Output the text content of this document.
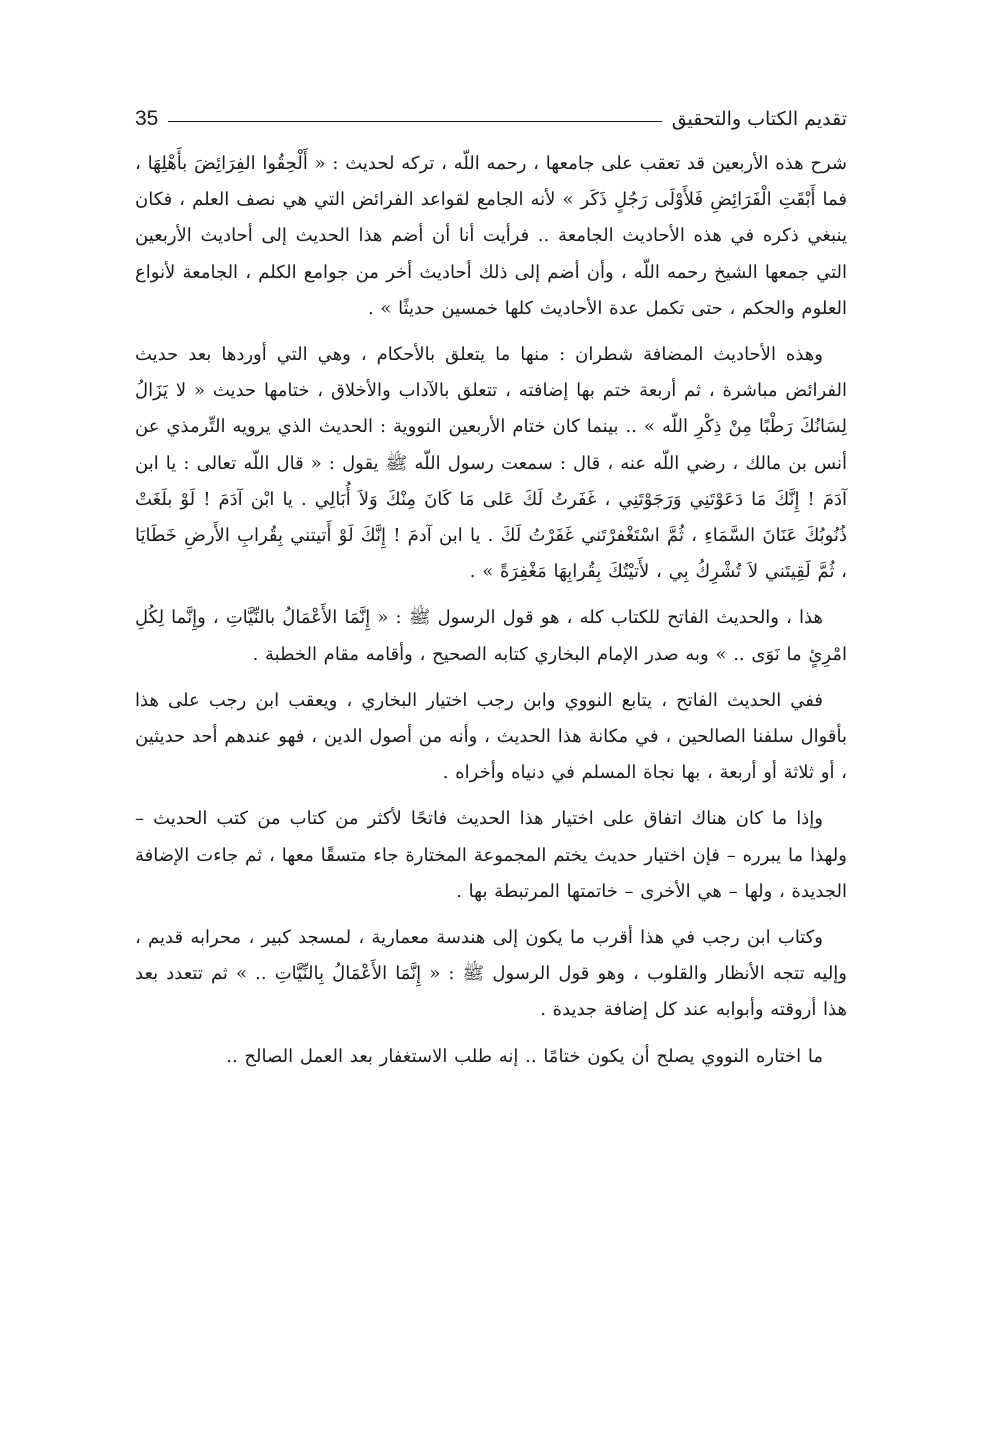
تقديم الكتاب والتحقيق
35

شرح هذه الأربعين قد تعقب على جامعها ، رحمه اللّه ، تركه لحديث : « أَلْحِقُوا الفِرَائِضَ بأَهْلِهَا ، فما أَبْقَتِ الْفَرَائِضِ فَلأَوْلَى رَجُلٍ ذَكَر » لأنه الجامع لقواعد الفرائض التي هي نصف العلم ، فكان ينبغي ذكره في هذه الأحاديث الجامعة .. فرأيت أنا أن أضم هذا الحديث إلى أحاديث الأربعين التي جمعها الشيخ رحمه اللّه ، وأن أضم إلى ذلك أحاديث أخر من جوامع الكلم ، الجامعة لأنواع العلوم والحكم ، حتى تكمل عدة الأحاديث كلها خمسين حديثًا » .

وهذه الأحاديث المضافة شطران : منها ما يتعلق بالأحكام ، وهي التي أوردها بعد حديث الفرائض مباشرة ، ثم أربعة ختم بها إضافته ، تتعلق بالآداب والأخلاق ، ختامها حديث « لا يَزَالُ لِسَانُكَ رَطْبًا مِنْ ذِكْرِ اللّه » .. بينما كان ختام الأربعين النووية : الحديث الذي يرويه التِّرمذي عن أنس بن مالك ، رضي اللّه عنه ، قال : سمعت رسول اللّه ﷺ يقول : « قال اللّه تعالى : يا ابن آدَمَ ! إِنَّكَ مَا دَعَوْتَنِي وَرَجَوْتَنِي ، غَفَرتُ لَكَ عَلى مَا كَانَ مِنْكَ وَلاَ أُبَالِي . يا ابْن آدَمَ ! لَوْ بلَغَتْ ذُنُوبُكَ عَنَانَ السَّمَاءِ ، ثُمَّ اسْتَغْفرْتَني غَفَرْتُ لَكَ . يا ابن آدمَ ! إِنَّكَ لَوْ أَتيتني بِقُرابِ الأَرضِ خَطَايَا ، ثُمَّ لَقِيتَني لاَ تُشْرِكُ بِي ، لأَتيْتُكَ بِقُرابِهَا مَغْفِرَةً » .

هذا ، والحديث الفاتح للكتاب كله ، هو قول الرسول ﷺ : « إِنَّمَا الأَعْمَالُ بالنِّيَّاتِ ، وإِنَّما لِكُلِ امْرِئٍ ما نَوَى .. » وبه صدر الإمام البخاري كتابه الصحيح ، وأقامه مقام الخطبة .

ففي الحديث الفاتح ، يتابع النووي وابن رجب اختيار البخاري ، ويعقب ابن رجب على هذا بأقوال سلفنا الصالحين ، في مكانة هذا الحديث ، وأنه من أصول الدين ، فهو عندهم أحد حديثين ، أو ثلاثة أو أربعة ، بها نجاة المسلم في دنياه وأخراه .

وإذا ما كان هناك اتفاق على اختيار هذا الحديث فاتحًا لأكثر من كتاب من كتب الحديث – ولهذا ما يبرره – فإن اختيار حديث يختم المجموعة المختارة جاء متسقًا معها ، ثم جاءت الإضافة الجديدة ، ولها – هي الأخرى – خاتمتها المرتبطة بها .

وكتاب ابن رجب في هذا أقرب ما يكون إلى هندسة معمارية ، لمسجد كبير ، محرابه قديم ، وإليه تتجه الأنظار والقلوب ، وهو قول الرسول ﷺ : « إِنَّمَا الأَعْمَالُ بِالنِّيَّاتِ .. » ثم تتعدد بعد هذا أروقته وأبوابه عند كل إضافة جديدة .

ما اختاره النووي يصلح أن يكون ختامًا .. إنه طلب الاستغفار بعد العمل الصالح ..
